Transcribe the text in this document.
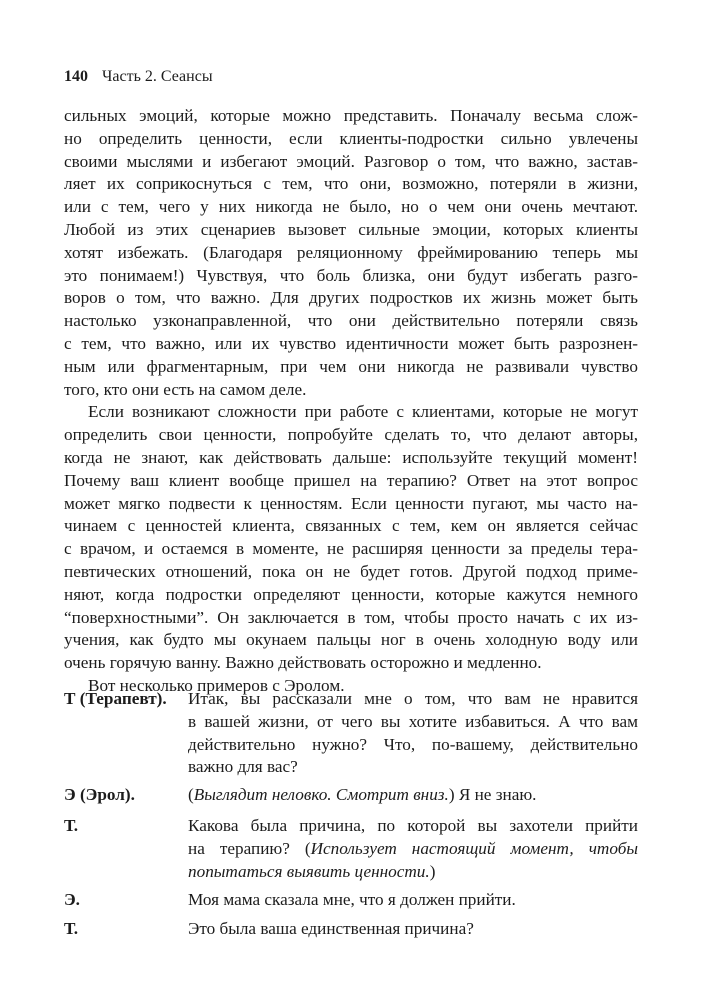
140 Часть 2. Сеансы
сильных эмоций, которые можно представить. Поначалу весьма слож-
но определить ценности, если клиенты-подростки сильно увлечены
своими мыслями и избегают эмоций. Разговор о том, что важно, застав-
ляет их соприкоснуться с тем, что они, возможно, потеряли в жизни,
или с тем, чего у них никогда не было, но о чем они очень мечтают.
Любой из этих сценариев вызовет сильные эмоции, которых клиенты
хотят избежать. (Благодаря реляционному фреймированию теперь мы
это понимаем!) Чувствуя, что боль близка, они будут избегать разго-
воров о том, что важно. Для других подростков их жизнь может быть
настолько узконаправленной, что они действительно потеряли связь
с тем, что важно, или их чувство идентичности может быть разрознен-
ным или фрагментарным, при чем они никогда не развивали чувство
того, кто они есть на самом деле.
Если возникают сложности при работе с клиентами, которые не могут
определить свои ценности, попробуйте сделать то, что делают авторы,
когда не знают, как действовать дальше: используйте текущий момент!
Почему ваш клиент вообще пришел на терапию? Ответ на этот вопрос
может мягко подвести к ценностям. Если ценности пугают, мы часто на-
чинаем с ценностей клиента, связанных с тем, кем он является сейчас
с врачом, и остаемся в моменте, не расширяя ценности за пределы тера-
певтических отношений, пока он не будет готов. Другой подход приме-
няют, когда подростки определяют ценности, которые кажутся немного
“поверхностными”. Он заключается в том, чтобы просто начать с их из-
учения, как будто мы окунаем пальцы ног в очень холодную воду или
очень горячую ванну. Важно действовать осторожно и медленно.
Вот несколько примеров с Эролом.
Т (Терапевт). Итак, вы рассказали мне о том, что вам не нравится
в вашей жизни, от чего вы хотите избавиться. А что вам
действительно нужно? Что, по-вашему, действительно
важно для вас?
Э (Эрол).	(Выглядит неловко. Смотрит вниз.) Я не знаю.
Т.	Какова была причина, по которой вы захотели прийти
на терапию? (Использует настоящий момент, чтобы
попытаться выявить ценности.)
Э.	Моя мама сказала мне, что я должен прийти.
Т.	Это была ваша единственная причина?
